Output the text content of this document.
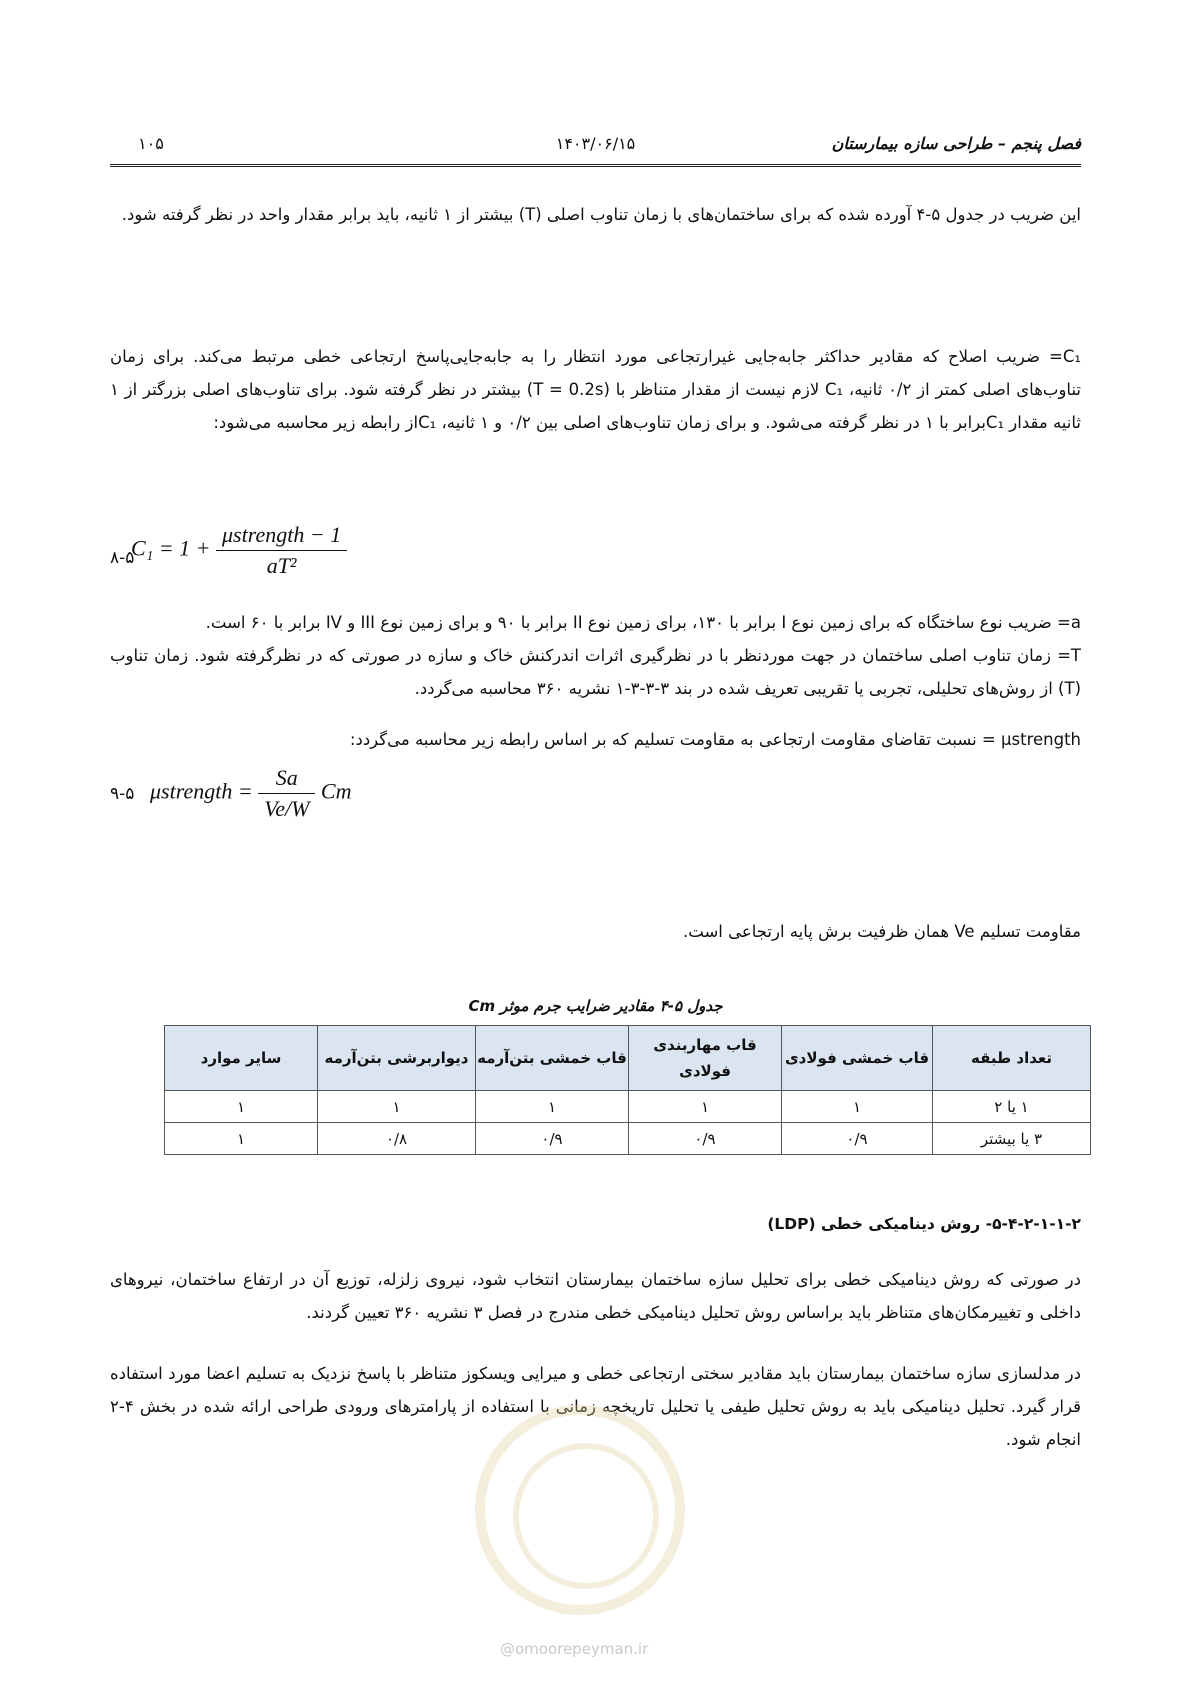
فصل پنجم – طراحی سازه بیمارستان
۱۴۰۳/۰۶/۱۵
۱۰۵
این ضریب در جدول ۵-۴ آورده شده که برای ساختمان‌های با زمان تناوب اصلی (T) بیشتر از ۱ ثانیه، باید برابر مقدار واحد در نظر گرفته شود.
C₁= ضریب اصلاح که مقادیر حداکثر جابه‌جایی غیرارتجاعی مورد انتظار را به جابه‌جایی‌پاسخ ارتجاعی خطی مرتبط می‌کند. برای زمان تناوب‌های اصلی کمتر از ۰/۲ ثانیه، C₁ لازم نیست از مقدار متناظر با (T = 0.2s) بیشتر در نظر گرفته شود. برای تناوب‌های اصلی بزرگتر از ۱ ثانیه مقدار C₁برابر با ۱ در نظر گرفته می‌شود. و برای زمان تناوب‌های اصلی بین ۰/۲ و ۱ ثانیه، C₁از رابطه زیر محاسبه می‌شود:
$C_1 = 1 + \frac{\text{μstrength − 1}}{\text{aT²}}$
۸-۵
a= ضریب نوع ساختگاه که برای زمین نوع I برابر با ۱۳۰، برای زمین نوع II برابر با ۹۰ و برای زمین نوع III و IV برابر با ۶۰ است.
T= زمان تناوب اصلی ساختمان در جهت موردنظر با در نظرگیری اثرات اندرکنش خاک و سازه در صورتی که در نظرگرفته شود. زمان تناوب (T) از روش‌های تحلیلی، تجربی یا تقریبی تعریف شده در بند ۳-۳-۳-۱ نشریه ۳۶۰ محاسبه می‌گردد.
μstrength = نسبت تقاضای مقاومت ارتجاعی به مقاومت تسلیم که بر اساس رابطه زیر محاسبه می‌گردد:
μstrength = $\frac{Sa}{Ve/W}$ Cm
۹-۵
مقاومت تسلیم Ve همان ظرفیت برش پایه ارتجاعی است.
جدول ۵-۴ مقادیر ضرایب جرم موثر Cm
تعداد طبقه	قاب خمشی فولادی	قاب مهاربندی فولادی	قاب خمشی بتن‌آرمه	دیواربرشی بتن‌آرمه	سایر موارد
۱ یا ۲	۱	۱	۱	۱	۱
۳ یا بیشتر	۰/۹	۰/۹	۰/۹	۰/۸	۱
۵-۴-۲-۱-۱-۲- روش دینامیکی خطی (LDP)
در صورتی که روش دینامیکی خطی برای تحلیل سازه ساختمان بیمارستان انتخاب شود، نیروی زلزله، توزیع آن در ارتفاع ساختمان، نیروهای داخلی و تغییرمکان‌های متناظر باید براساس روش تحلیل دینامیکی خطی مندرج در فصل ۳ نشریه ۳۶۰ تعیین گردند.
در مدلسازی سازه ساختمان بیمارستان باید مقادیر سختی ارتجاعی خطی و میرایی ویسکوز متناظر با پاسخ نزدیک به تسلیم اعضا مورد استفاده قرار گیرد. تحلیل دینامیکی باید به روش تحلیل طیفی یا تحلیل تاریخچه زمانی با استفاده از پارامترهای ورودی طراحی ارائه شده در بخش ۴-۲ انجام شود.
@omoorepeyman.ir
